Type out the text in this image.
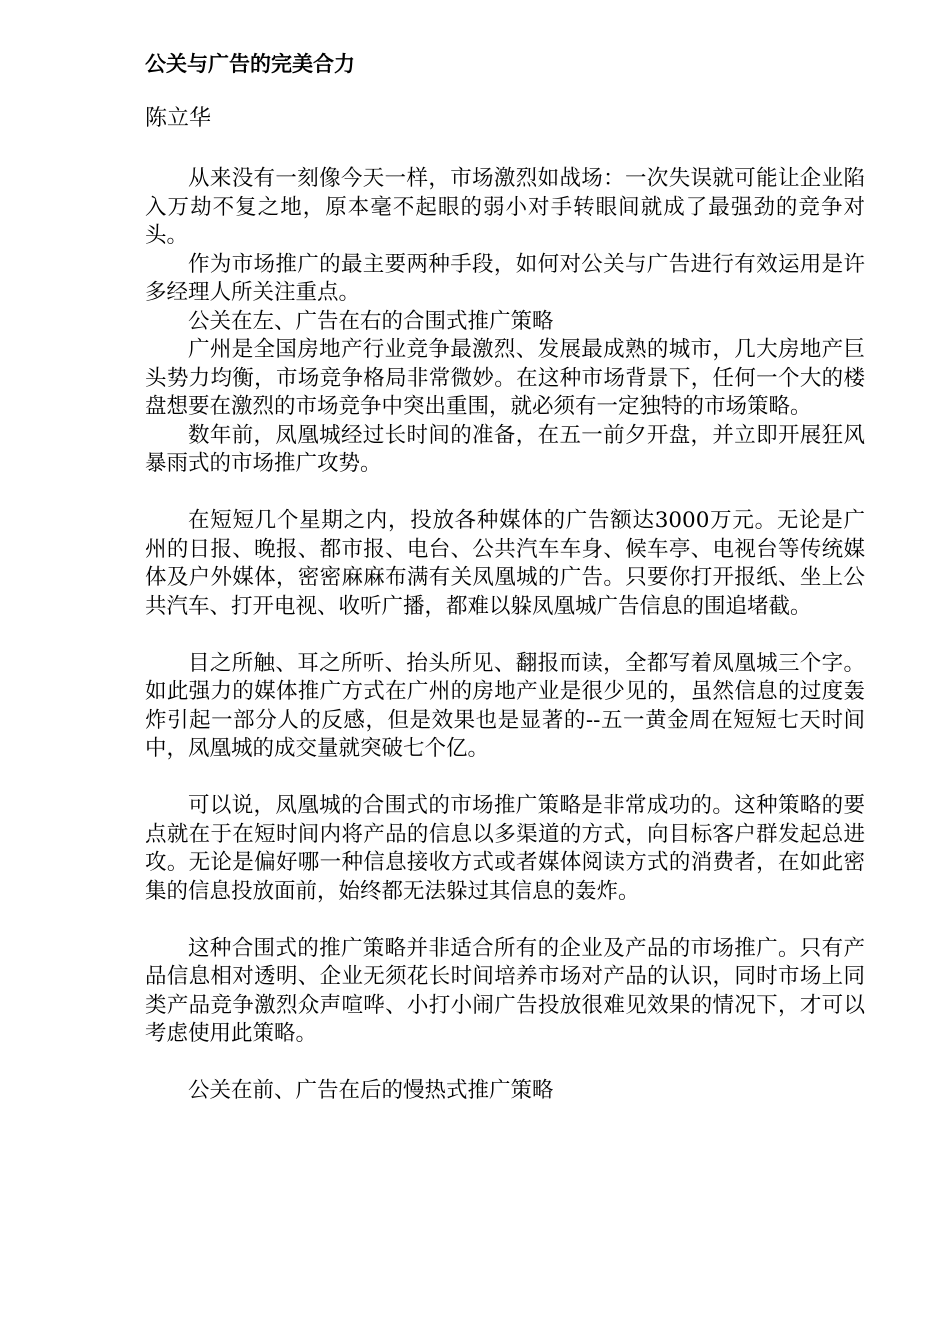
公关与广告的完美合力

陈立华

从来没有一刻像今天一样，市场激烈如战场：一次失误就可能让企业陷入万劫不复之地，原本毫不起眼的弱小对手转眼间就成了最强劲的竞争对头。

作为市场推广的最主要两种手段，如何对公关与广告进行有效运用是许多经理人所关注重点。

公关在左、广告在右的合围式推广策略

广州是全国房地产行业竞争最激烈、发展最成熟的城市，几大房地产巨头势力均衡，市场竞争格局非常微妙。在这种市场背景下，任何一个大的楼盘想要在激烈的市场竞争中突出重围，就必须有一定独特的市场策略。

数年前，凤凰城经过长时间的准备，在五一前夕开盘，并立即开展狂风暴雨式的市场推广攻势。

在短短几个星期之内，投放各种媒体的广告额达3000万元。无论是广州的日报、晚报、都市报、电台、公共汽车车身、候车亭、电视台等传统媒体及户外媒体，密密麻麻布满有关凤凰城的广告。只要你打开报纸、坐上公共汽车、打开电视、收听广播，都难以躲凤凰城广告信息的围追堵截。

目之所触、耳之所听、抬头所见、翻报而读，全都写着凤凰城三个字。如此强力的媒体推广方式在广州的房地产业是很少见的，虽然信息的过度轰炸引起一部分人的反感，但是效果也是显著的--五一黄金周在短短七天时间中，凤凰城的成交量就突破七个亿。

可以说，凤凰城的合围式的市场推广策略是非常成功的。这种策略的要点就在于在短时间内将产品的信息以多渠道的方式，向目标客户群发起总进攻。无论是偏好哪一种信息接收方式或者媒体阅读方式的消费者，在如此密集的信息投放面前，始终都无法躲过其信息的轰炸。

这种合围式的推广策略并非适合所有的企业及产品的市场推广。只有产品信息相对透明、企业无须花长时间培养市场对产品的认识，同时市场上同类产品竞争激烈众声喧哗、小打小闹广告投放很难见效果的情况下，才可以考虑使用此策略。

公关在前、广告在后的慢热式推广策略
